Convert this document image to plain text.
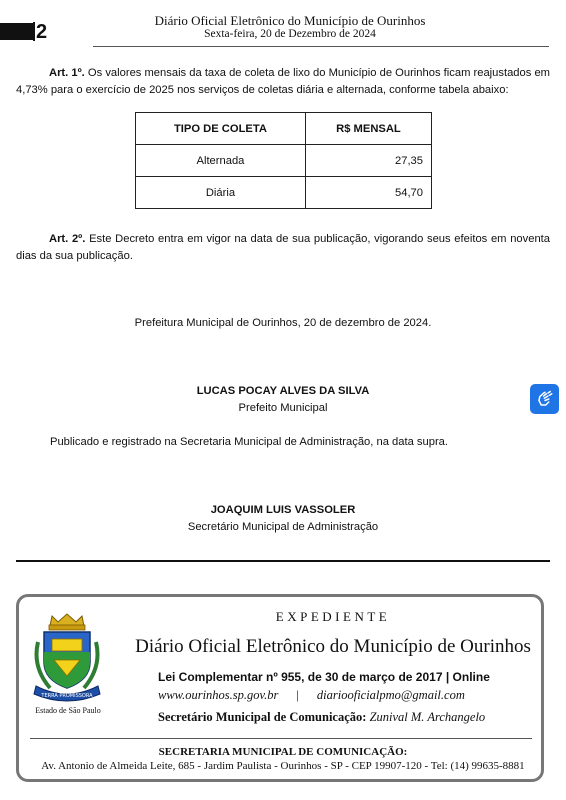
2
Diário Oficial Eletrônico do Município de Ourinhos
Sexta-feira, 20 de Dezembro de 2024
Art. 1º. Os valores mensais da taxa de coleta de lixo do Município de Ourinhos ficam reajustados em 4,73% para o exercício de 2025 nos serviços de coletas diária e alternada, conforme tabela abaixo:
TIPO DE COLETA	R$ MENSAL
Alternada	27,35
Diária	54,70
Art. 2º. Este Decreto entra em vigor na data de sua publicação, vigorando seus efeitos em noventa dias da sua publicação.
Prefeitura Municipal de Ourinhos, 20 de dezembro de 2024.
LUCAS POCAY ALVES DA SILVA
Prefeito Municipal
Publicado e registrado na Secretaria Municipal de Administração, na data supra.
JOAQUIM LUIS VASSOLER
Secretário Municipal de Administração
TERRA PROMISSORA
Estado de São Paulo
EXPEDIENTE
Diário Oficial Eletrônico do Município de Ourinhos
Lei Complementar nº 955, de 30 de março de 2017 | Online
www.ourinhos.sp.gov.br | diariooficialpmo@gmail.com
Secretário Municipal de Comunicação: Zunival M. Archangelo
SECRETARIA MUNICIPAL DE COMUNICAÇÃO:
Av. Antonio de Almeida Leite, 685 - Jardim Paulista - Ourinhos - SP - CEP 19907-120 - Tel: (14) 99635-8881
